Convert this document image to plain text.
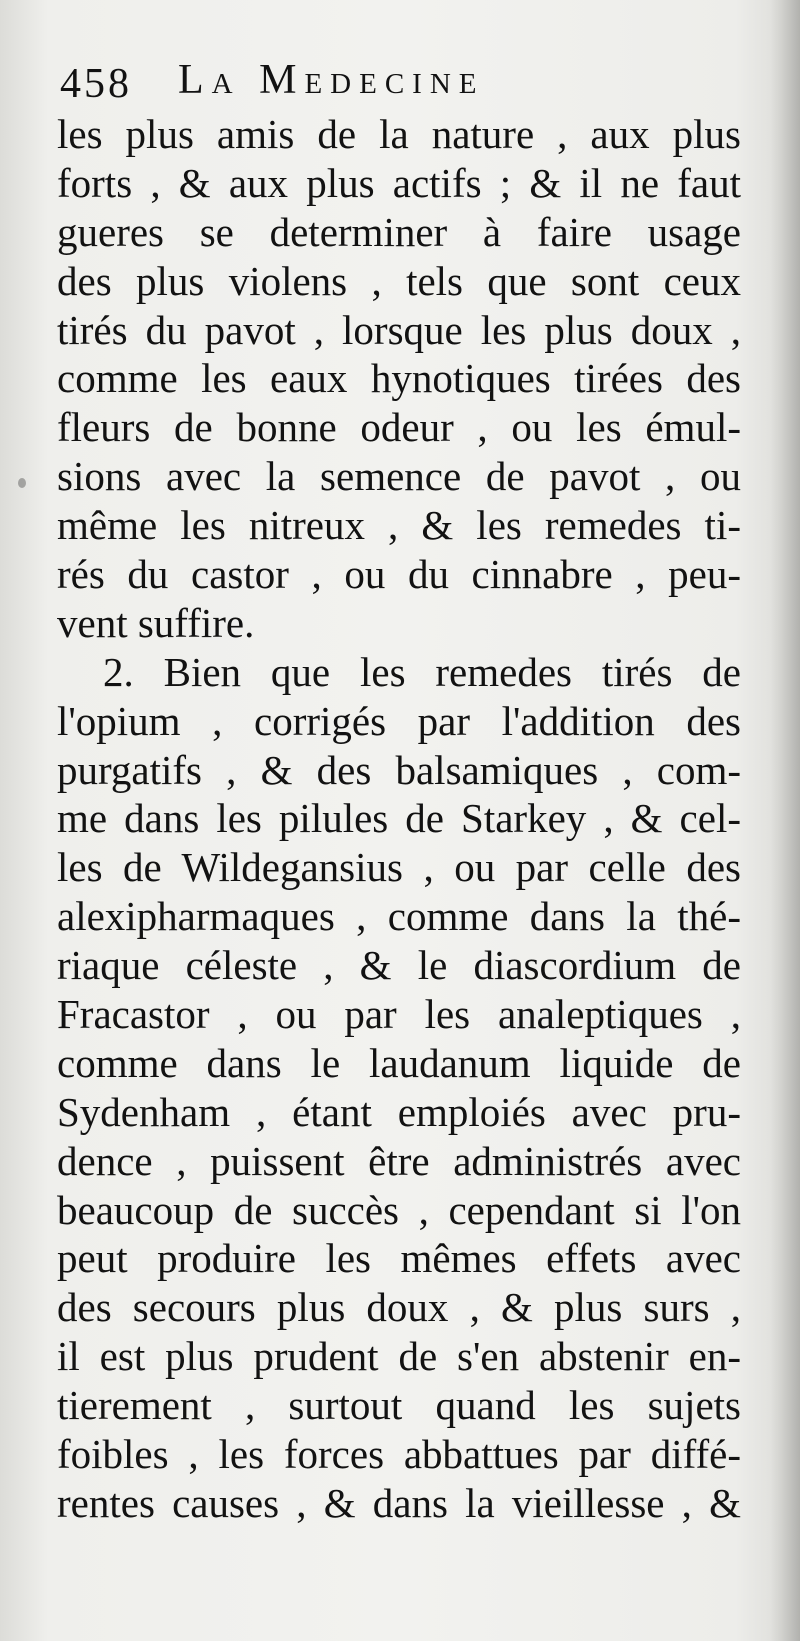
458 La Medecine
les plus amis de la nature , aux plus
forts , & aux plus actifs ; & il ne faut
gueres se determiner à faire usage
des plus violens , tels que sont ceux
tirés du pavot , lorsque les plus doux ,
comme les eaux hynotiques tirées des
fleurs de bonne odeur , ou les émul-
sions avec la semence de pavot , ou
même les nitreux , & les remedes ti-
rés du castor , ou du cinnabre , peu-
vent suffire.
2. Bien que les remedes tirés de
l'opium , corrigés par l'addition des
purgatifs , & des balsamiques , com-
me dans les pilules de Starkey , & cel-
les de Wildegansius , ou par celle des
alexipharmaques , comme dans la thé-
riaque céleste , & le diascordium de
Fracastor , ou par les analeptiques ,
comme dans le laudanum liquide de
Sydenham , étant emploiés avec pru-
dence , puissent être administrés avec
beaucoup de succès , cependant si l'on
peut produire les mêmes effets avec
des secours plus doux , & plus surs ,
il est plus prudent de s'en abstenir en-
tierement , surtout quand les sujets
foibles , les forces abbattues par diffé-
rentes causes , & dans la vieillesse , &
